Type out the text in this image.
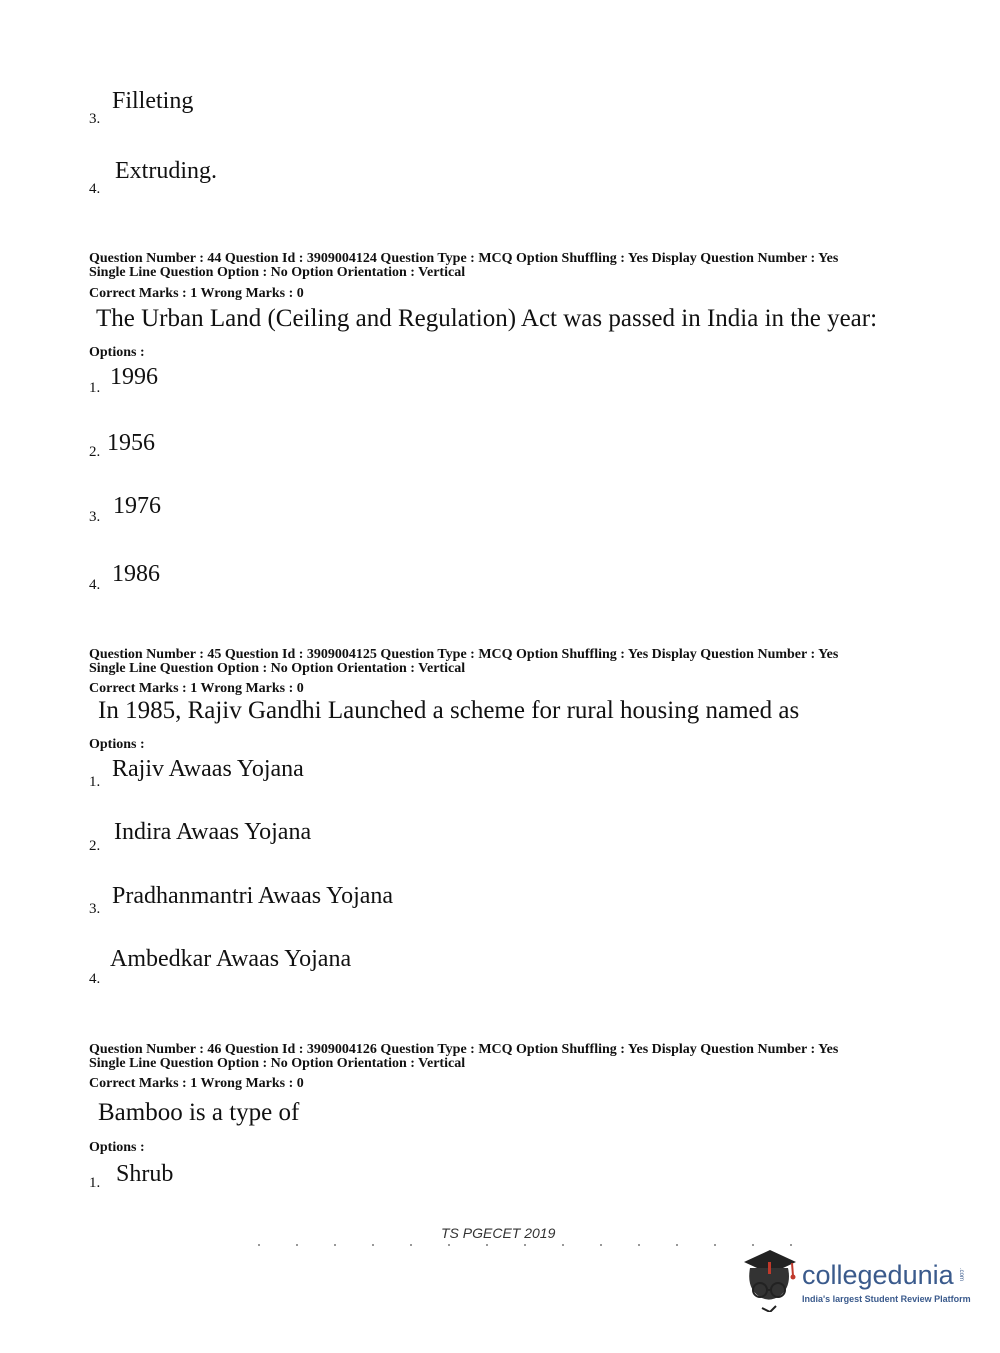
3.
Filleting
4.
Extruding.
Question Number : 44 Question Id : 3909004124 Question Type : MCQ Option Shuffling : Yes Display Question Number : Yes
Single Line Question Option : No Option Orientation : Vertical
Correct Marks : 1 Wrong Marks : 0
The Urban Land (Ceiling and Regulation) Act was passed in India in the year:
Options :
1. 1996
2. 1956
3. 1976
4. 1986
Question Number : 45 Question Id : 3909004125 Question Type : MCQ Option Shuffling : Yes Display Question Number : Yes
Single Line Question Option : No Option Orientation : Vertical
Correct Marks : 1 Wrong Marks : 0
In 1985, Rajiv Gandhi Launched a scheme for rural housing named as
Options :
1. Rajiv Awaas Yojana
2.
Indira Awaas Yojana
3. Pradhanmantri Awaas Yojana
4.
Ambedkar Awaas Yojana
Question Number : 46 Question Id : 3909004126 Question Type : MCQ Option Shuffling : Yes Display Question Number : Yes
Single Line Question Option : No Option Orientation : Vertical
Correct Marks : 1 Wrong Marks : 0
Bamboo is a type of
Options :
1. Shrub
TS PGECET 2019
collegedunia .com
India's largest Student Review Platform
